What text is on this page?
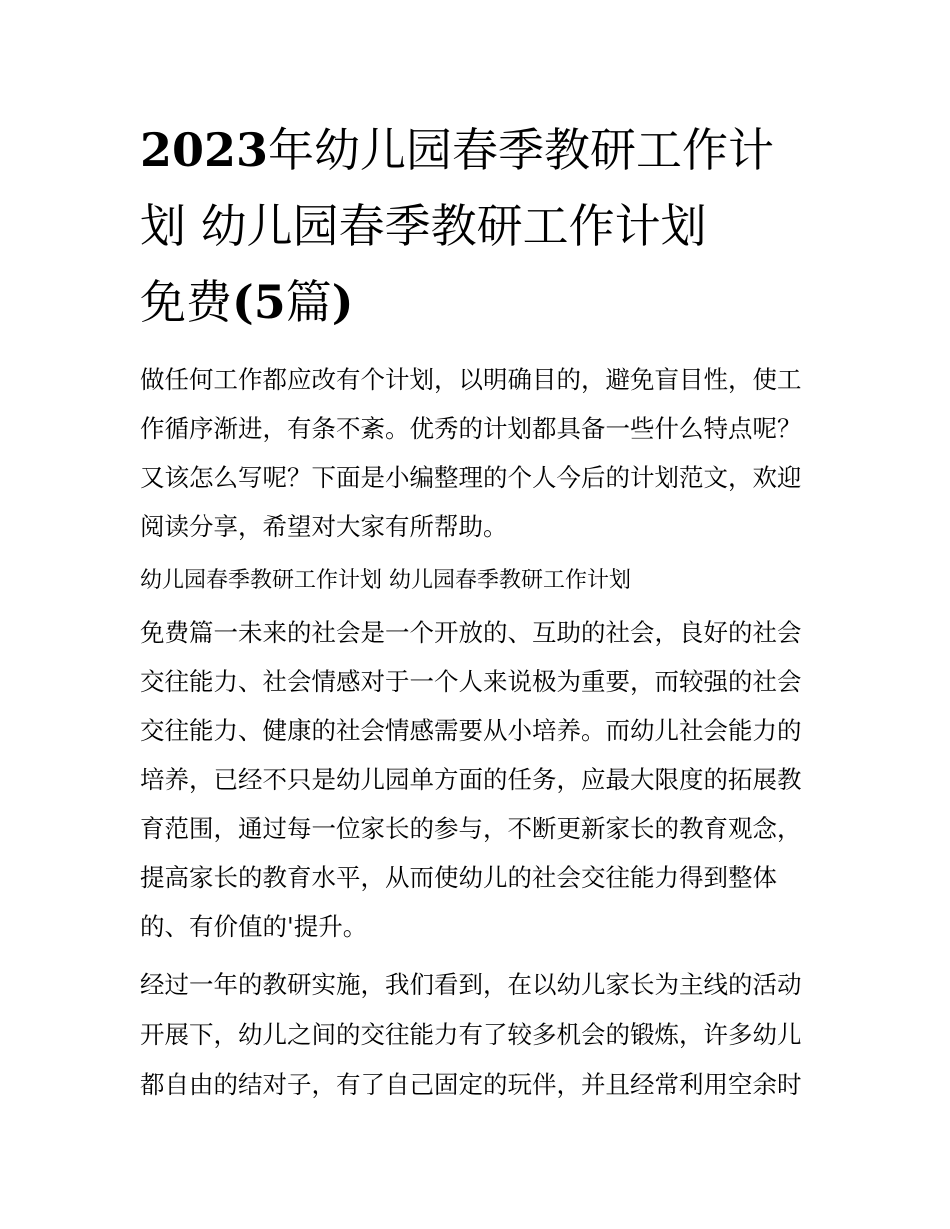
2023年幼儿园春季教研工作计
划 幼儿园春季教研工作计划
免费(5篇)

做任何工作都应改有个计划，以明确目的，避免盲目性，使工

作循序渐进，有条不紊。优秀的计划都具备一些什么特点呢？

又该怎么写呢？下面是小编整理的个人今后的计划范文，欢迎

阅读分享，希望对大家有所帮助。

幼儿园春季教研工作计划 幼儿园春季教研工作计划

免费篇一未来的社会是一个开放的、互助的社会，良好的社会

交往能力、社会情感对于一个人来说极为重要，而较强的社会

交往能力、健康的社会情感需要从小培养。而幼儿社会能力的

培养，已经不只是幼儿园单方面的任务，应最大限度的拓展教

育范围，通过每一位家长的参与，不断更新家长的教育观念，

提高家长的教育水平，从而使幼儿的社会交往能力得到整体

的、有价值的'提升。

经过一年的教研实施，我们看到，在以幼儿家长为主线的活动

开展下，幼儿之间的交往能力有了较多机会的锻炼，许多幼儿

都自由的结对子，有了自己固定的玩伴，并且经常利用空余时
